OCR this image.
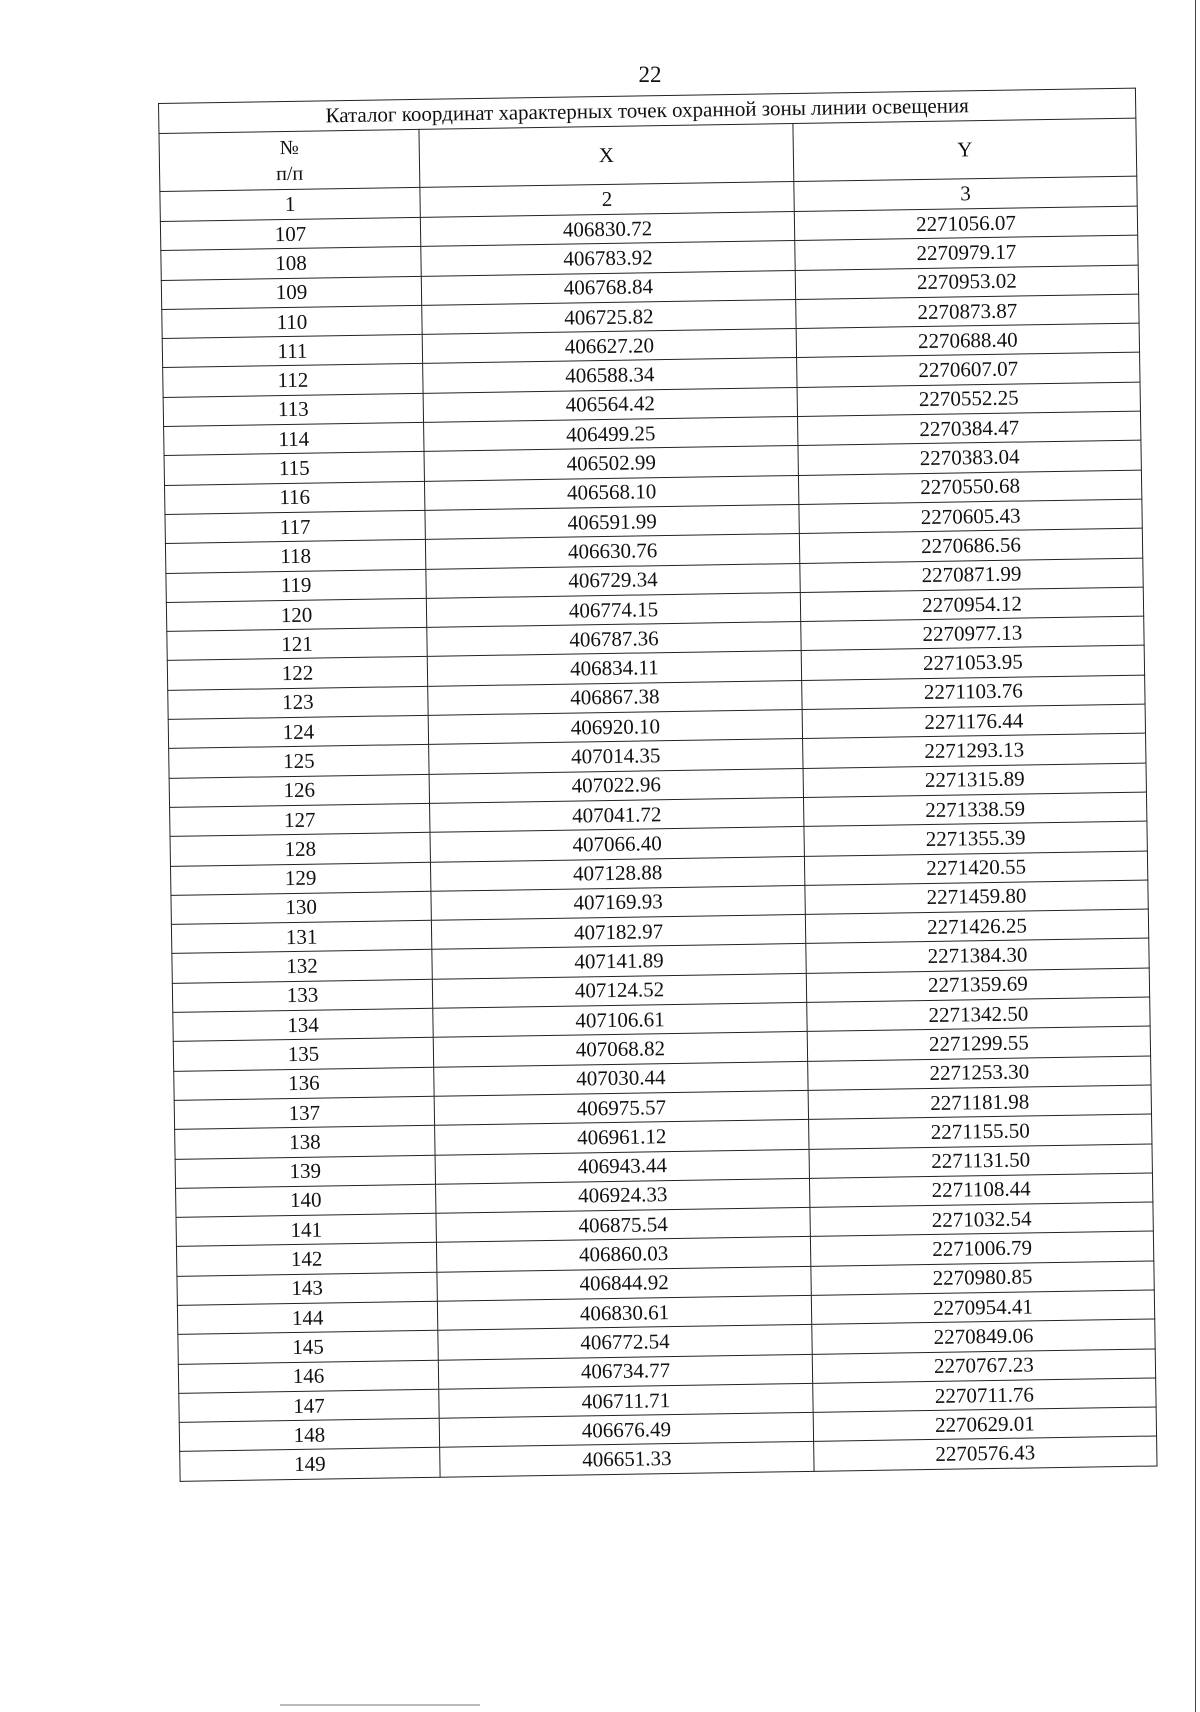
22
Каталог координат характерных точек охранной зоны линии освещения		
№
п/п	X	Y
1	2	3
107	406830.72	2271056.07
108	406783.92	2270979.17
109	406768.84	2270953.02
110	406725.82	2270873.87
111	406627.20	2270688.40
112	406588.34	2270607.07
113	406564.42	2270552.25
114	406499.25	2270384.47
115	406502.99	2270383.04
116	406568.10	2270550.68
117	406591.99	2270605.43
118	406630.76	2270686.56
119	406729.34	2270871.99
120	406774.15	2270954.12
121	406787.36	2270977.13
122	406834.11	2271053.95
123	406867.38	2271103.76
124	406920.10	2271176.44
125	407014.35	2271293.13
126	407022.96	2271315.89
127	407041.72	2271338.59
128	407066.40	2271355.39
129	407128.88	2271420.55
130	407169.93	2271459.80
131	407182.97	2271426.25
132	407141.89	2271384.30
133	407124.52	2271359.69
134	407106.61	2271342.50
135	407068.82	2271299.55
136	407030.44	2271253.30
137	406975.57	2271181.98
138	406961.12	2271155.50
139	406943.44	2271131.50
140	406924.33	2271108.44
141	406875.54	2271032.54
142	406860.03	2271006.79
143	406844.92	2270980.85
144	406830.61	2270954.41
145	406772.54	2270849.06
146	406734.77	2270767.23
147	406711.71	2270711.76
148	406676.49	2270629.01
149	406651.33	2270576.43
